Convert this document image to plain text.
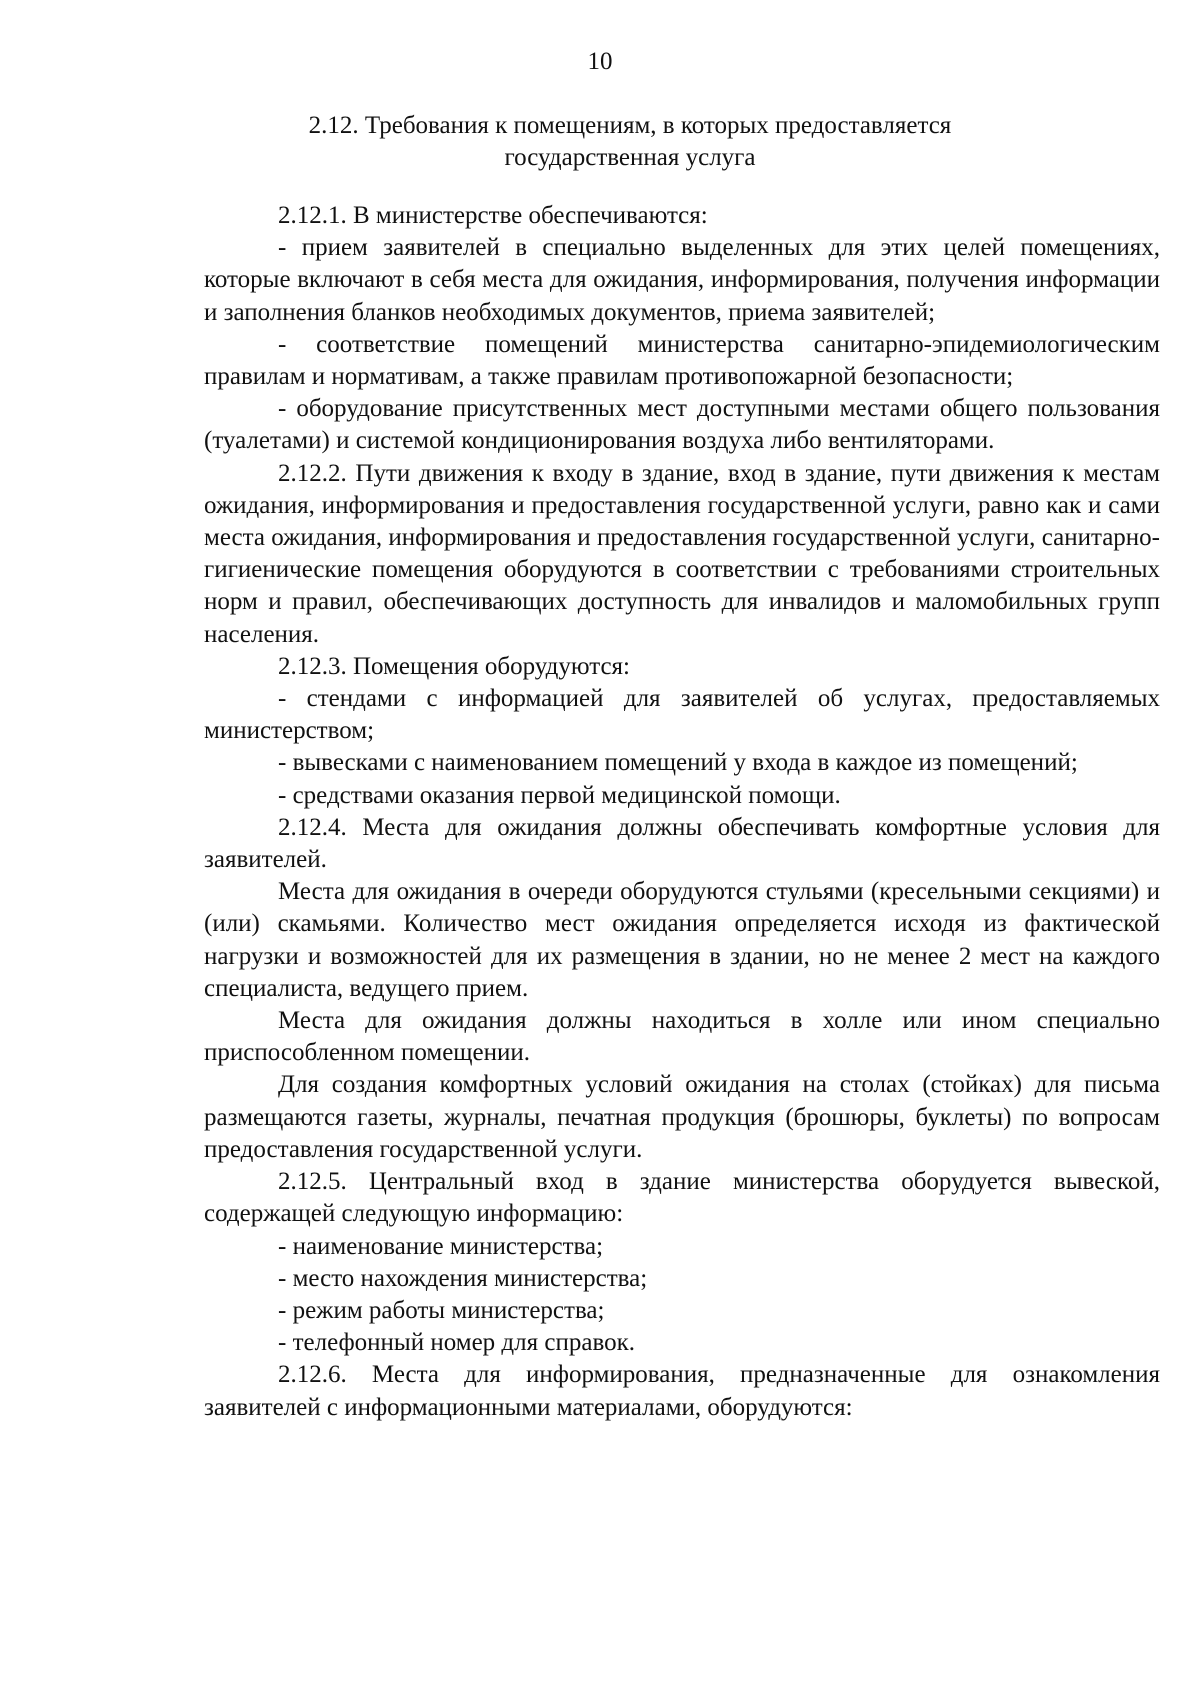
10
2.12. Требования к помещениям, в которых предоставляется
государственная услуга

2.12.1. В министерстве обеспечиваются:

- прием заявителей в специально выделенных для этих целей помещениях, которые включают в себя места для ожидания, информирования, получения информации и заполнения бланков необходимых документов, приема заявителей;

- соответствие помещений министерства санитарно-эпидемиологическим правилам и нормативам, а также правилам противопожарной безопасности;

- оборудование присутственных мест доступными местами общего пользования (туалетами) и системой кондиционирования воздуха либо вентиляторами.

2.12.2. Пути движения к входу в здание, вход в здание, пути движения к местам ожидания, информирования и предоставления государственной услуги, равно как и сами места ожидания, информирования и предоставления государственной услуги, санитарно-гигиенические помещения оборудуются в соответствии с требованиями строительных норм и правил, обеспечивающих доступность для инвалидов и маломобильных групп населения.

2.12.3. Помещения оборудуются:

- стендами с информацией для заявителей об услугах, предоставляемых министерством;

- вывесками с наименованием помещений у входа в каждое из помещений;

- средствами оказания первой медицинской помощи.

2.12.4. Места для ожидания должны обеспечивать комфортные условия для заявителей.

Места для ожидания в очереди оборудуются стульями (кресельными секциями) и (или) скамьями. Количество мест ожидания определяется исходя из фактической нагрузки и возможностей для их размещения в здании, но не менее 2 мест на каждого специалиста, ведущего прием.

Места для ожидания должны находиться в холле или ином специально приспособленном помещении.

Для создания комфортных условий ожидания на столах (стойках) для письма размещаются газеты, журналы, печатная продукция (брошюры, буклеты) по вопросам предоставления государственной услуги.

2.12.5. Центральный вход в здание министерства оборудуется вывеской, содержащей следующую информацию:

- наименование министерства;

- место нахождения министерства;

- режим работы министерства;

- телефонный номер для справок.

2.12.6. Места для информирования, предназначенные для ознакомления заявителей с информационными материалами, оборудуются:
